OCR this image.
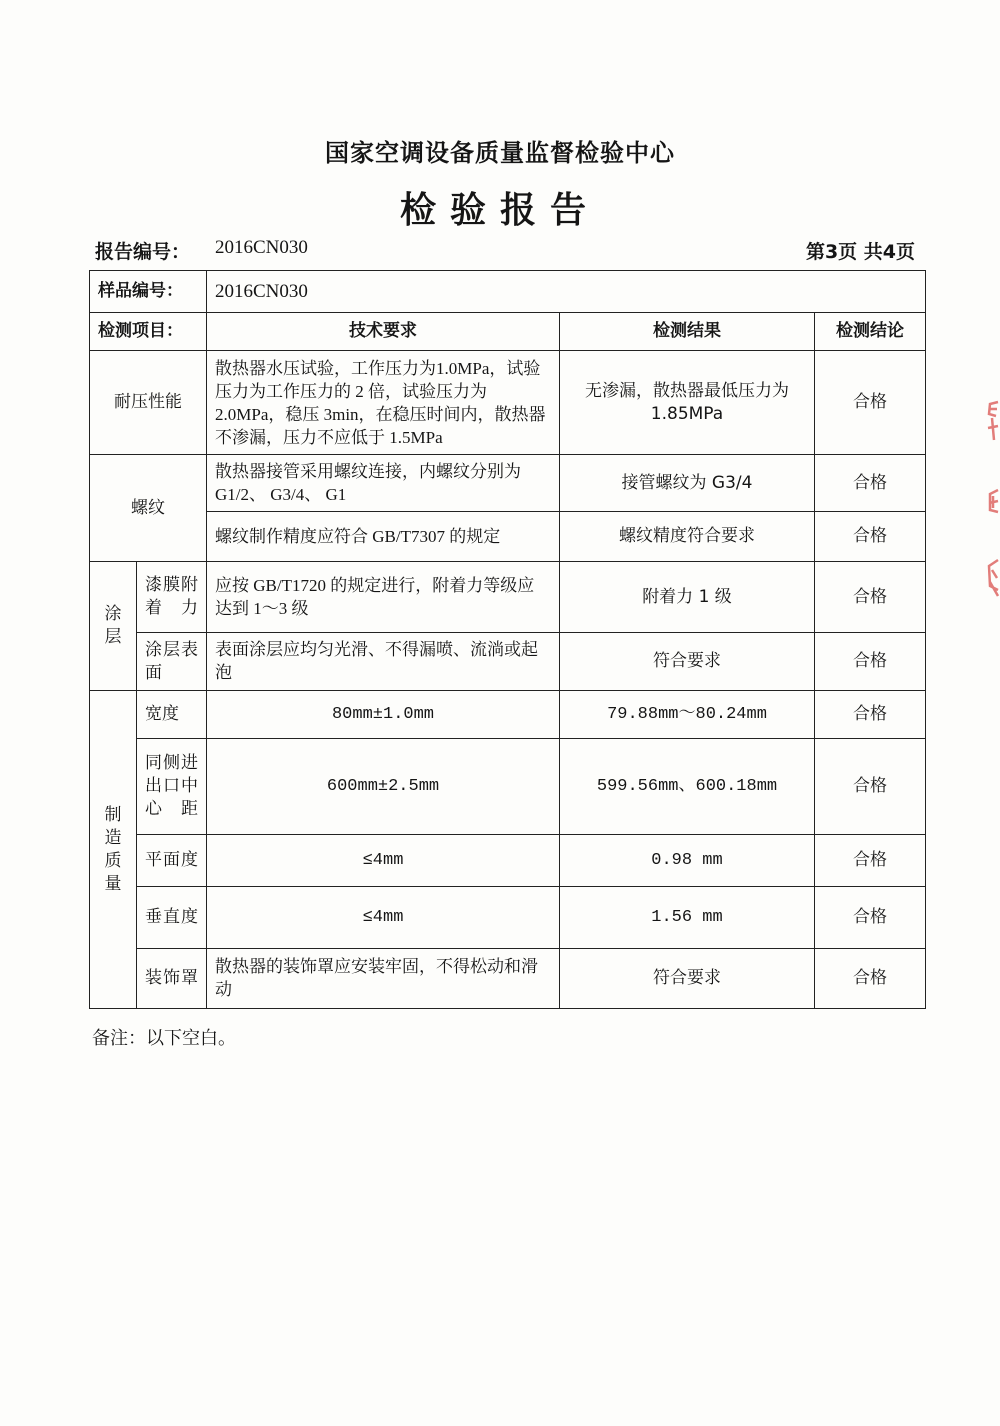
国家空调设备质量监督检验中心
检验报告
报告编号： 2016CN030	第3页 共4页
样品编号：		2016CN030		
检测项目：		技术要求	检测结果	检测结论
耐压性能		散热器水压试验，工作压力为1.0MPa，试验压力为工作压力的 2 倍，试验压力为2.0MPa，稳压 3min，在稳压时间内，散热器不渗漏，压力不应低于 1.5MPa	无渗漏，散热器最低压力为1.85MPa	合格
螺纹		散热器接管采用螺纹连接，内螺纹分别为G1/2、 G3/4、 G1	接管螺纹为 G3/4	合格
		螺纹制作精度应符合 GB/T7307 的规定	螺纹精度符合要求	合格

涂层	漆膜附着力	应按 GB/T1720 的规定进行，附着力等级应达到 1～3 级	附着力 1 级	合格
	涂层表面	表面涂层应均匀光滑、不得漏喷、流淌或起泡	符合要求	合格

制造质量	宽度	80mm±1.0mm	79.88mm～80.24mm	合格
	同侧进出口中心距	600mm±2.5mm	599.56mm、600.18mm	合格
	平面度	≤4mm	0.98 mm	合格
	垂直度	≤4mm	1.56 mm	合格
	装饰罩	散热器的装饰罩应安装牢固，不得松动和滑动	符合要求	合格
备注：以下空白。
